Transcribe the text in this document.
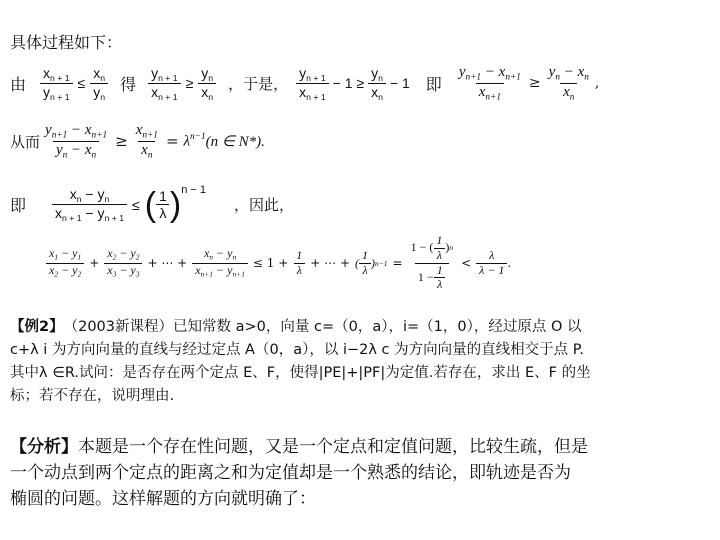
具体过程如下：
由 $\frac{x_{n + 1}}{y_{n + 1}} \le \frac{x_n}{y_n}$ 得 $\frac{y_{n + 1}}{x_{n + 1}} \ge \frac{y_n}{x_n}$ ，于是， $\frac{y_{n + 1}}{x_{n + 1}} - 1 \ge \frac{y_n}{x_n} - 1$ 即 $\frac{y_{n+1} - x_{n+1}}{x_{n+1}} \ge \frac{y_n - x_n}{x_n}$ ,
从而 $\frac{y_{n+1} - x_{n+1}}{y_n - x_n} \ge \frac{x_{n+1}}{x_n} = \lambda^{n-1}$ (n ∈ N*).
即 $\frac{x_n - y_n}{x_{n + 1} - y_{n + 1}}$ ≤ ( $\frac{1}{\lambda}$ ) n − 1
，因此，
$\frac{x_1 - y_1}{x_2 - y_2} + \frac{x_2 - y_2}{x_3 - y_3}$ + ⋯ + $\frac{x_n - y_n}{x_{n+1} - y_{n+1}} \le 1 + \frac{1}{\lambda}$ + ⋯ + ( $\frac{1}{\lambda}$ ) $n-1 = \frac{1 - ( \frac{1}{\lambda} ) n}{1 - \frac{1}{\lambda}} < \frac{\lambda}{\lambda - 1}$ .
【例2】 （2003新课程） 已知常数 a>0，向量 c=（0，a），i=（1，0），经过原点 O 以
c+λ i 为方向向量的直线与经过定点 A（0，a），以 i−2λ c 为方向向量的直线相交于点 P.
其中λ ∈R.试问：是否存在两个定点 E、F，使得|PE|+|PF|为定值.若存在，求出 E、F 的坐
标；若不存在，说明理由.
【分析】 本题是一个存在性问题，又是一个定点和定值问题，比较生疏，但是
一个动点到两个定点的距离之和为定值却是一个熟悉的结论，即轨迹是否为
椭圆的问题。这样解题的方向就明确了：
